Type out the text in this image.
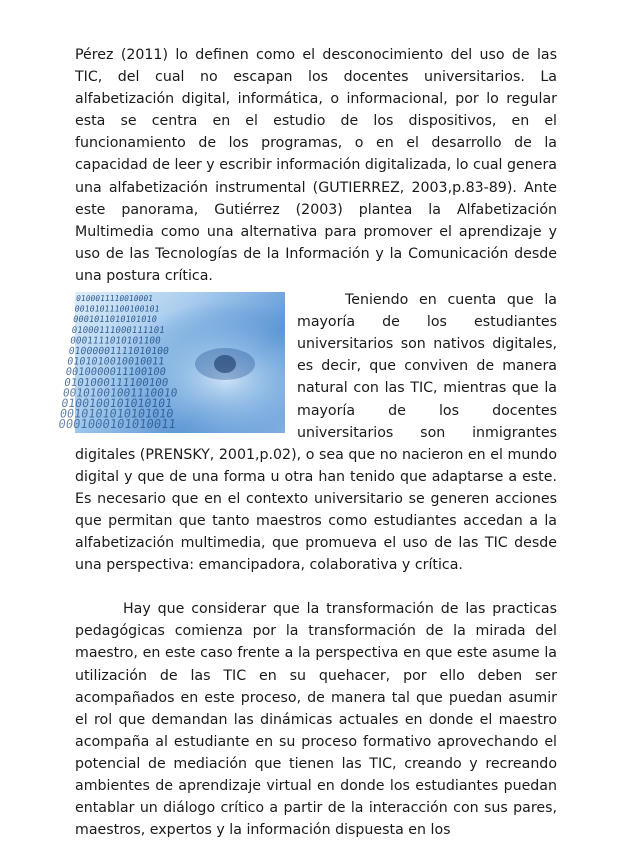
Pérez (2011) lo definen como el desconocimiento del uso de las TIC, del cual no escapan los docentes universitarios. La alfabetización digital, informática, o informacional, por lo regular esta se centra en el estudio de los dispositivos, en el funcionamiento de los programas, o en el desarrollo de la capacidad de leer y escribir información digitalizada, lo cual genera una alfabetización instrumental (GUTIERREZ, 2003,p.83-89). Ante este panorama, Gutiérrez (2003) plantea la Alfabetización Multimedia como una alternativa para promover el aprendizaje y uso de las Tecnologías de la Información y la Comunicación desde una postura crítica.

0100011110010001
00101011100100101
0001011010101010
01000111000111101
0001111010101100
01000001111010100
0101010010010011
0010000011100100
0101000111100100
00101001001110010
0100100101010101
0010101010101010
0001000101010011

Teniendo en cuenta que la mayoría de los estudiantes universitarios son nativos digitales, es decir, que conviven de manera natural con las TIC, mientras que la mayoría de los docentes universitarios son inmigrantes digitales (PRENSKY, 2001,p.02), o sea que no nacieron en el mundo digital y que de una forma u otra han tenido que adaptarse a este. Es necesario que en el contexto universitario se generen acciones que permitan que tanto maestros como estudiantes accedan a la alfabetización multimedia, que promueva el uso de las TIC desde una perspectiva: emancipadora, colaborativa y crítica.

Hay que considerar que la transformación de las practicas pedagógicas comienza por la transformación de la mirada del maestro, en este caso frente a la perspectiva en que este asume la utilización de las TIC en su quehacer, por ello deben ser acompañados en este proceso, de manera tal que puedan asumir el rol que demandan las dinámicas actuales en donde el maestro acompaña al estudiante en su proceso formativo aprovechando el potencial de mediación que tienen las TIC, creando y recreando ambientes de aprendizaje virtual en donde los estudiantes puedan entablar un diálogo crítico a partir de la interacción con sus pares, maestros, expertos y la información dispuesta en los
